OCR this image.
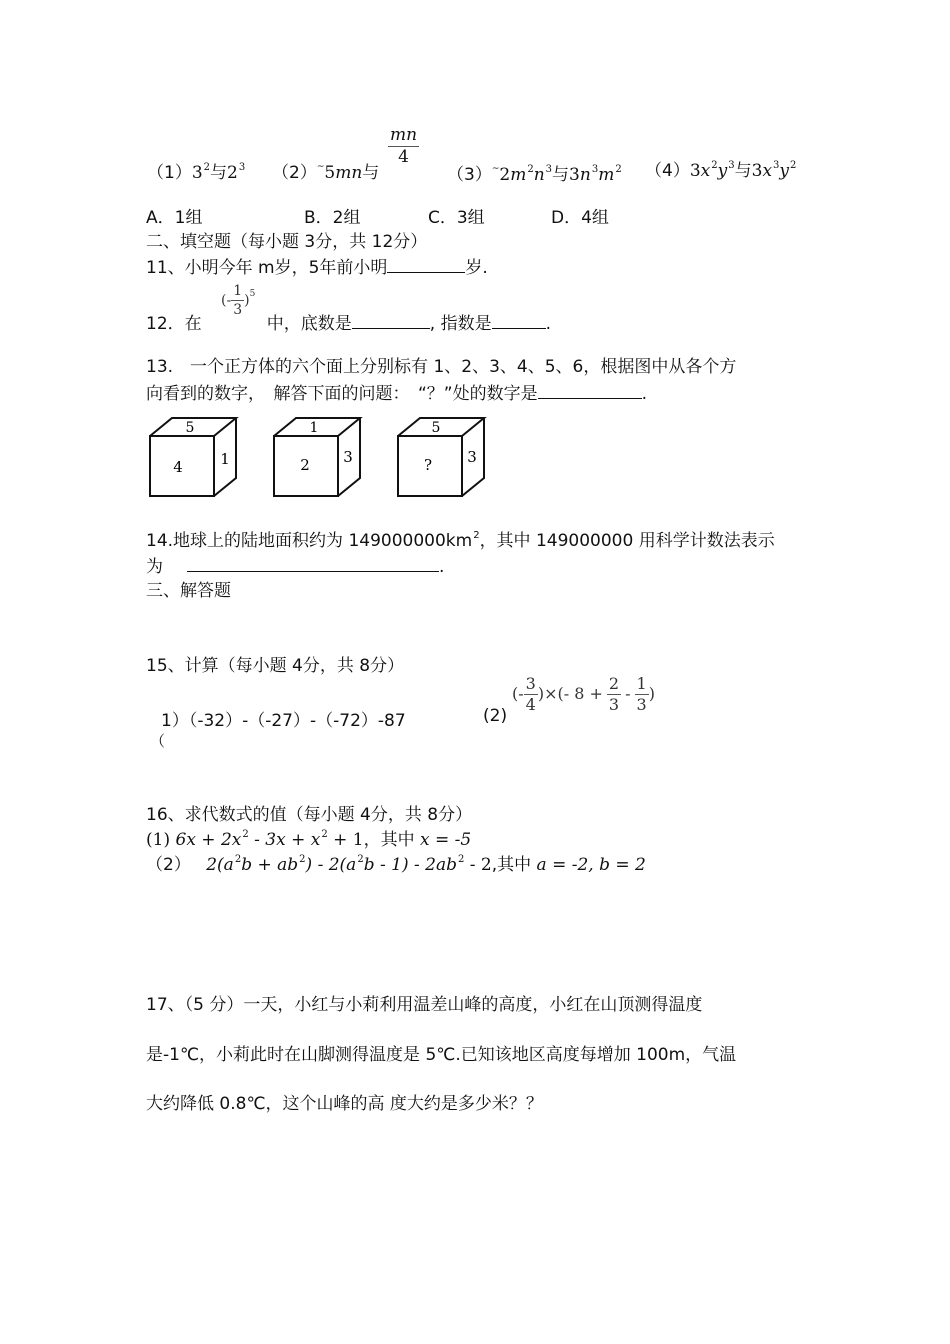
$\frac{mn}{4}$
$(1)3^2$与$2^3$ （2）~5mn与	$(3)^\sim 2m^2n^3$与$3n^3m^2$ $(4)3x^2y^3$与$3x^3y^2$
A．1组	B．2组	C．3组	D．4组
二、填空题（每小题 3分，共 12分）
11、小明今年 m岁，5年前小明	岁.
12．在 (- $\frac{1}{3} )^5$ 中，底数是	, 指数是	.
13.　一个正方体的六个面上分别标有 1、2、3、4、5、6，根据图中从各个方
向看到的数字，　解答下面的问题：　“？”处的数字是	.
5
4 1
1
2 3
5
? 3
14.地球上的陆地面积约为 $149000000km^2$，其中 149000000 用科学计数法表示
为	.
三、解答题
15、计算（每小题 4分，共 8分）
1）（-32）-（-27）-（-72）-87
（
(2)
(- $\frac{3}{4}$ )×(- $8 + \frac{2}{3} - \frac{1}{3}$ )
16、求代数式的值（每小题 4分，共 8分）
(1) $6x + 2x^2 - 3x + x^2 + 1$，其中 x = -5
（2） $2(a^2b + ab^2) - 2(a^2b - 1) - 2ab^2 - 2$,其中 a = -2, b = 2
17、（5 分）一天，小红与小莉利用温差山峰的高度，小红在山顶测得温度
是-1℃，小莉此时在山脚测得温度是 5℃.已知该地区高度每增加 100m，气温
大约降低 0.8℃，这个山峰的高 度大约是多少米？？
